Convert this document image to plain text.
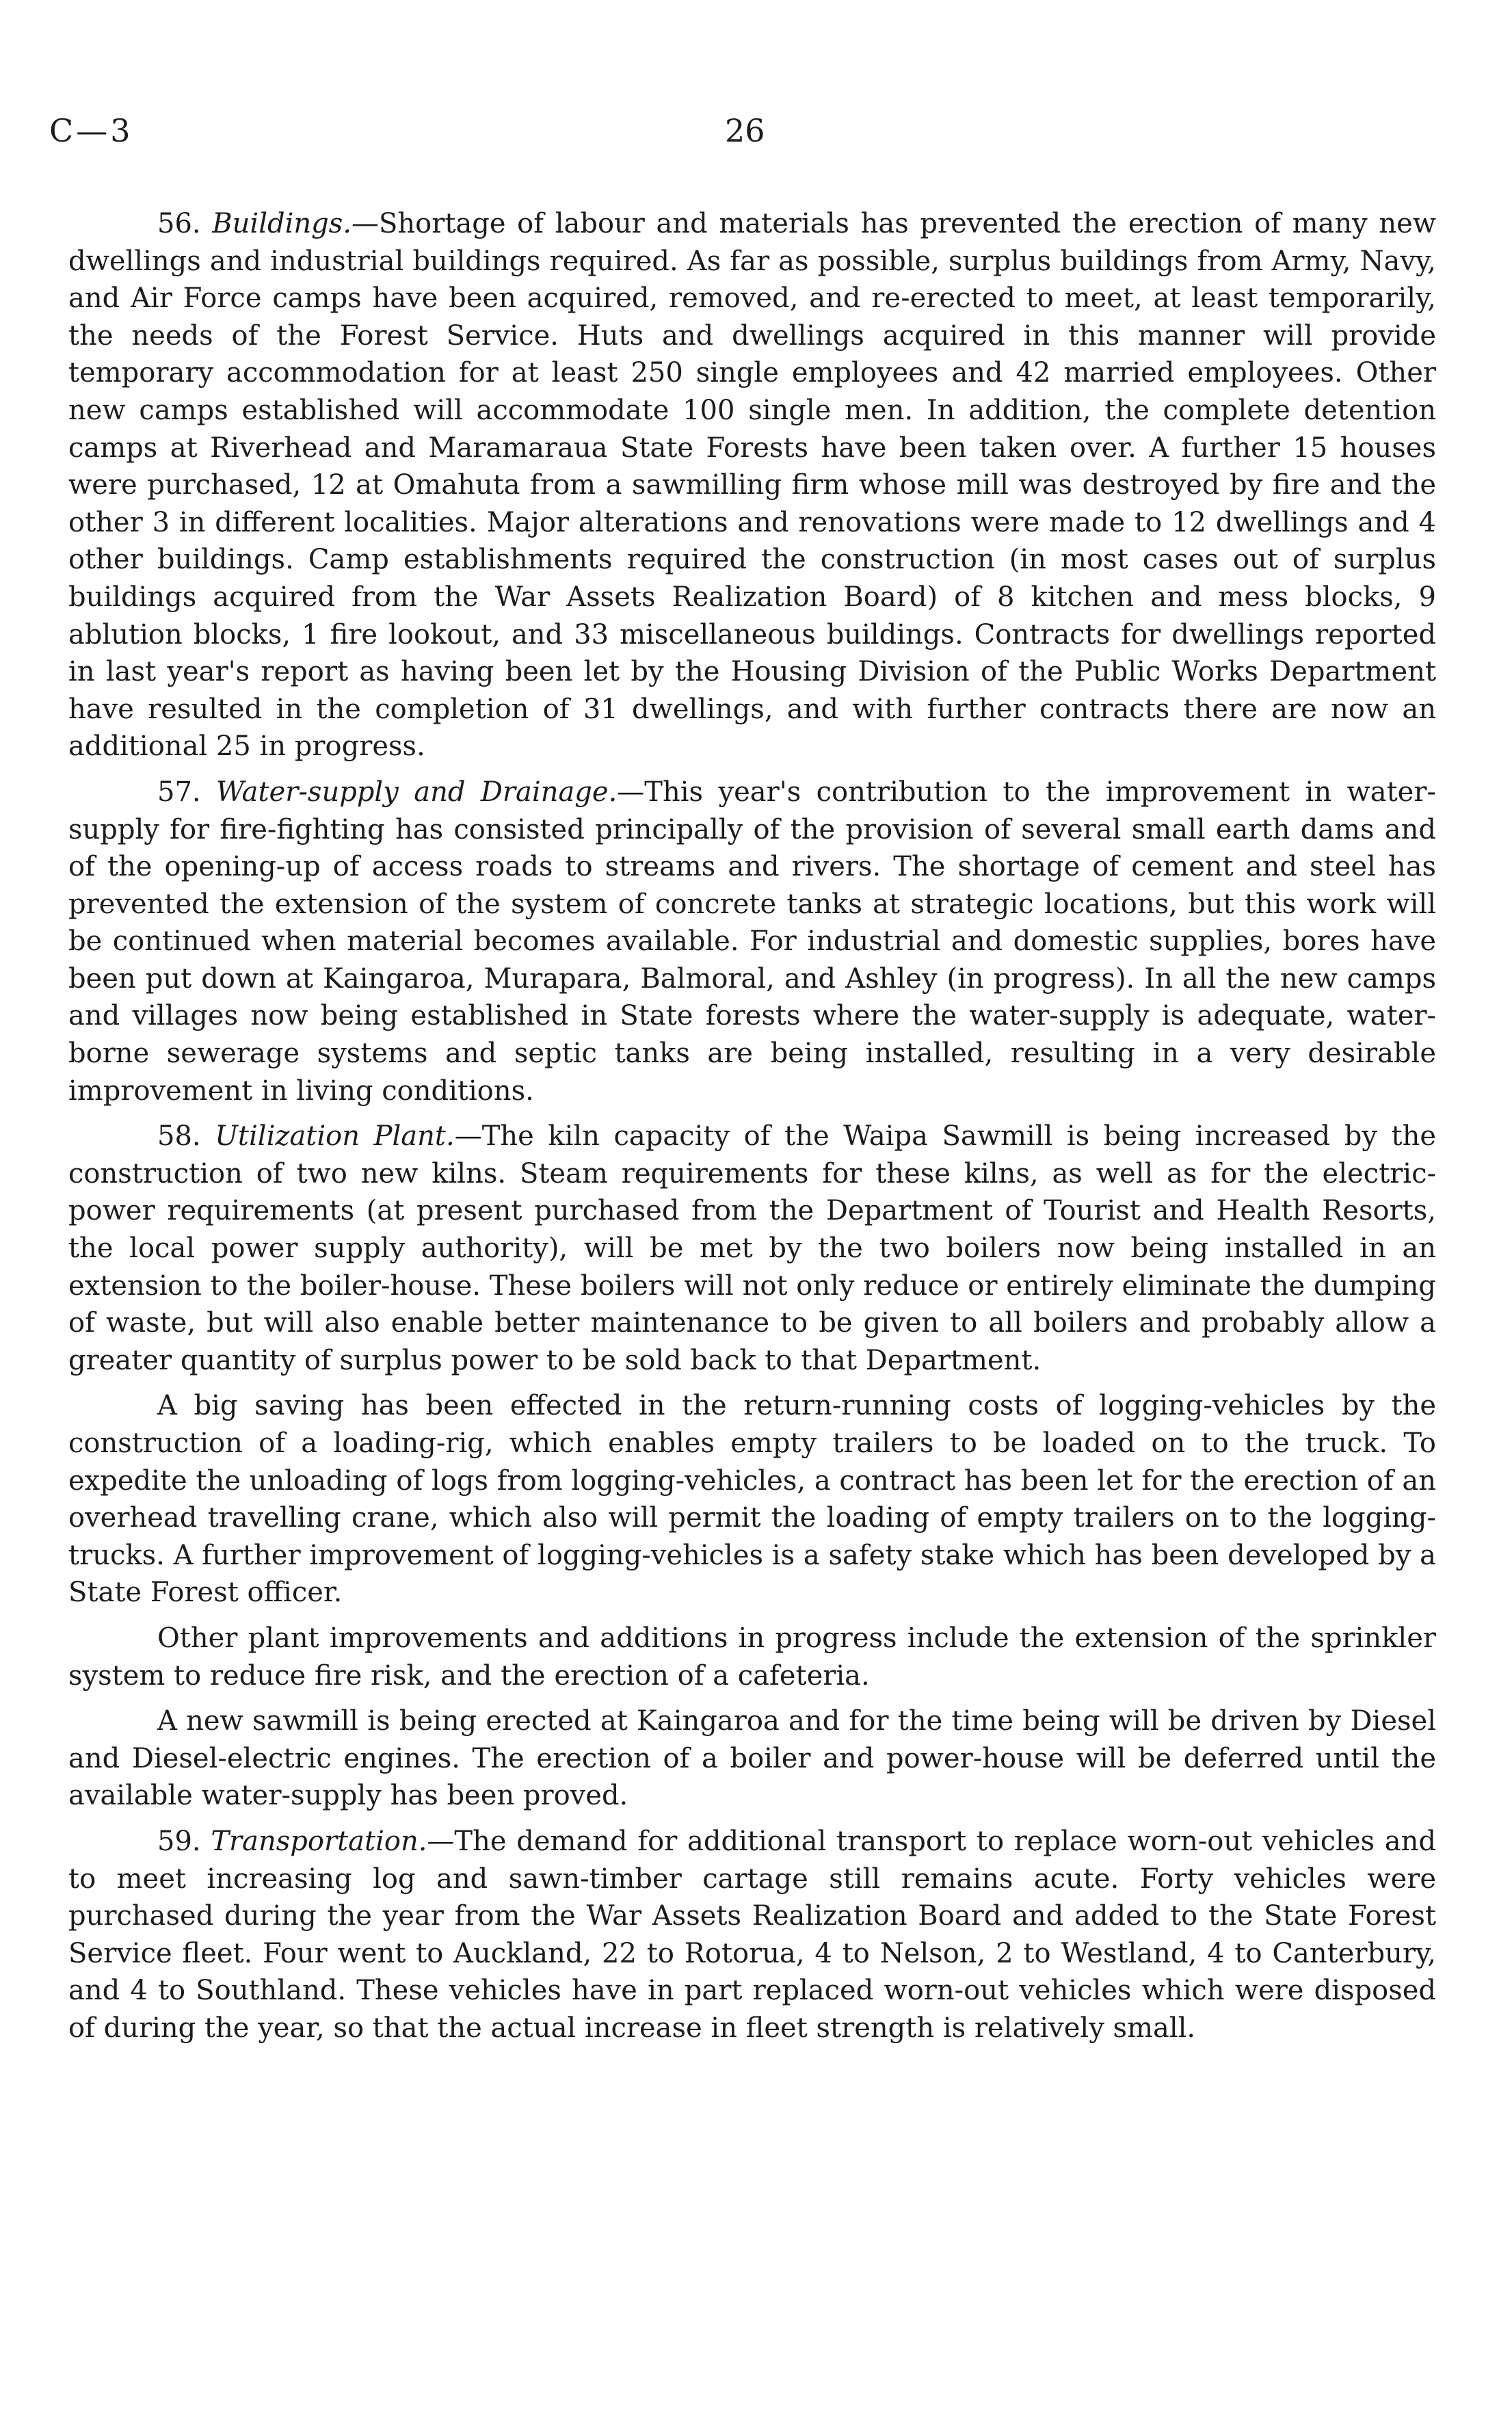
C—3	26

56. Buildings.—Shortage of labour and materials has prevented the erection of many new dwellings and industrial buildings required. As far as possible, surplus buildings from Army, Navy, and Air Force camps have been acquired, removed, and re-erected to meet, at least temporarily, the needs of the Forest Service. Huts and dwellings acquired in this manner will provide temporary accommodation for at least 250 single employees and 42 married employees. Other new camps established will accommodate 100 single men. In addition, the complete detention camps at Riverhead and Maramaraua State Forests have been taken over. A further 15 houses were purchased, 12 at Omahuta from a sawmilling firm whose mill was destroyed by fire and the other 3 in different localities. Major alterations and renovations were made to 12 dwellings and 4 other buildings. Camp establishments required the construction (in most cases out of surplus buildings acquired from the War Assets Realization Board) of 8 kitchen and mess blocks, 9 ablution blocks, 1 fire lookout, and 33 miscellaneous buildings. Contracts for dwellings reported in last year's report as having been let by the Housing Division of the Public Works Department have resulted in the completion of 31 dwellings, and with further contracts there are now an additional 25 in progress.

57. Water-supply and Drainage.—This year's contribution to the improvement in water-supply for fire-fighting has consisted principally of the provision of several small earth dams and of the opening-up of access roads to streams and rivers. The shortage of cement and steel has prevented the extension of the system of concrete tanks at strategic locations, but this work will be continued when material becomes available. For industrial and domestic supplies, bores have been put down at Kaingaroa, Murapara, Balmoral, and Ashley (in progress). In all the new camps and villages now being established in State forests where the water-supply is adequate, water-borne sewerage systems and septic tanks are being installed, resulting in a very desirable improvement in living conditions.

58. Utilization Plant.—The kiln capacity of the Waipa Sawmill is being increased by the construction of two new kilns. Steam requirements for these kilns, as well as for the electric-power requirements (at present purchased from the Department of Tourist and Health Resorts, the local power supply authority), will be met by the two boilers now being installed in an extension to the boiler-house. These boilers will not only reduce or entirely eliminate the dumping of waste, but will also enable better maintenance to be given to all boilers and probably allow a greater quantity of surplus power to be sold back to that Department.

A big saving has been effected in the return-running costs of logging-vehicles by the construction of a loading-rig, which enables empty trailers to be loaded on to the truck. To expedite the unloading of logs from logging-vehicles, a contract has been let for the erection of an overhead travelling crane, which also will permit the loading of empty trailers on to the logging-trucks. A further improvement of logging-vehicles is a safety stake which has been developed by a State Forest officer.

Other plant improvements and additions in progress include the extension of the sprinkler system to reduce fire risk, and the erection of a cafeteria.

A new sawmill is being erected at Kaingaroa and for the time being will be driven by Diesel and Diesel-electric engines. The erection of a boiler and power-house will be deferred until the available water-supply has been proved.

59. Transportation.—The demand for additional transport to replace worn-out vehicles and to meet increasing log and sawn-timber cartage still remains acute. Forty vehicles were purchased during the year from the War Assets Realization Board and added to the State Forest Service fleet. Four went to Auckland, 22 to Rotorua, 4 to Nelson, 2 to Westland, 4 to Canterbury, and 4 to Southland. These vehicles have in part replaced worn-out vehicles which were disposed of during the year, so that the actual increase in fleet strength is relatively small.
